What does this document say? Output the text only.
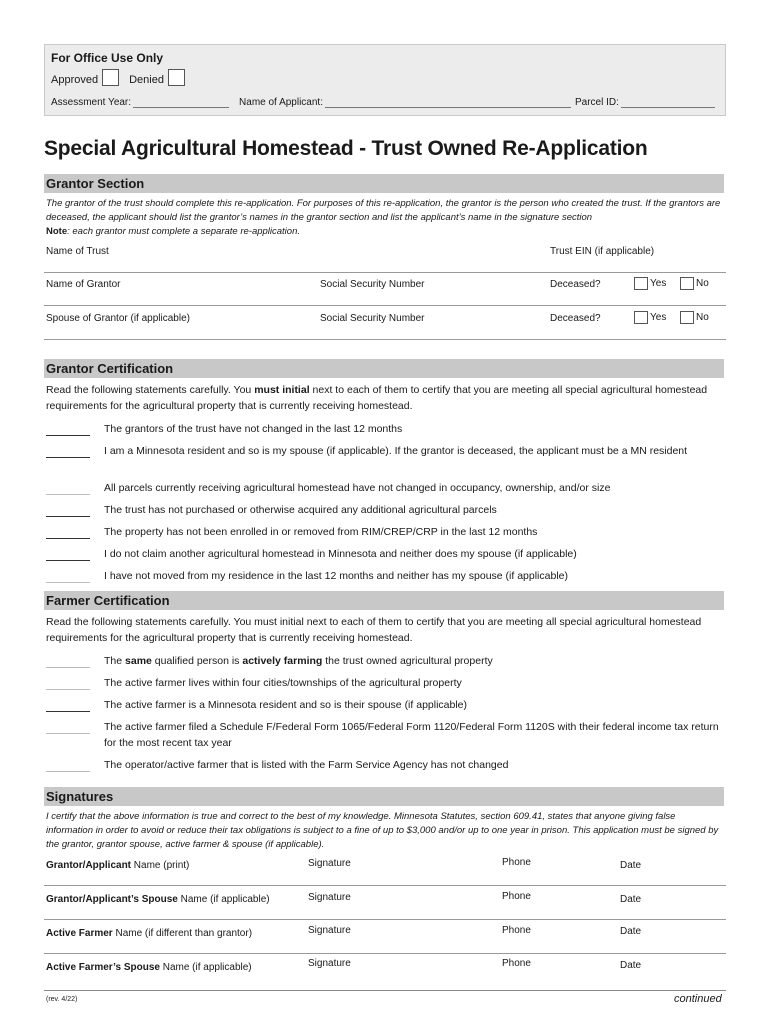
For Office Use Only
Approved	Denied
Assessment Year:	Name of Applicant:	Parcel ID:
Special Agricultural Homestead - Trust Owned Re-Application
Grantor Section
The grantor of the trust should complete this re-application. For purposes of this re-application, the grantor is the person who created the trust. If the grantors are deceased, the applicant should list the grantor’s names in the grantor section and list the applicant’s name in the signature section
Note: each grantor must complete a separate re-application.
Name of Trust	Trust EIN (if applicable)
Name of Grantor	Social Security Number	Deceased?	Yes	No
Spouse of Grantor (if applicable)	Social Security Number	Deceased?	Yes	No
Grantor Certification
Read the following statements carefully. You must initial next to each of them to certify that you are meeting all special agricultural homestead requirements for the agricultural property that is currently receiving homestead.
The grantors of the trust have not changed in the last 12 months
I am a Minnesota resident and so is my spouse (if applicable). If the grantor is deceased, the applicant must be a MN resident
All parcels currently receiving agricultural homestead have not changed in occupancy, ownership, and/or size
The trust has not purchased or otherwise acquired any additional agricultural parcels
The property has not been enrolled in or removed from RIM/CREP/CRP in the last 12 months
I do not claim another agricultural homestead in Minnesota and neither does my spouse (if applicable)
I have not moved from my residence in the last 12 months and neither has my spouse (if applicable)
Farmer Certification
Read the following statements carefully. You must initial next to each of them to certify that you are meeting all special agricultural homestead requirements for the agricultural property that is currently receiving homestead.
The same qualified person is actively farming the trust owned agricultural property
The active farmer lives within four cities/townships of the agricultural property
The active farmer is a Minnesota resident and so is their spouse (if applicable)
The active farmer filed a Schedule F/Federal Form 1065/Federal Form 1120/Federal Form 1120S with their federal income tax return for the most recent tax year
The operator/active farmer that is listed with the Farm Service Agency has not changed
Signatures
I certify that the above information is true and correct to the best of my knowledge. Minnesota Statutes, section 609.41, states that anyone giving false information in order to avoid or reduce their tax obligations is subject to a fine of up to $3,000 and/or up to one year in prison. This application must be signed by the grantor, grantor spouse, active farmer & spouse (if applicable).
Grantor/Applicant Name (print)	Signature	Phone	Date
Grantor/Applicant’s Spouse Name (if applicable)	Signature	Phone	Date
Active Farmer Name (if different than grantor)	Signature	Phone	Date
Active Farmer’s Spouse Name (if applicable)	Signature	Phone	Date
(rev. 4/22)	continued
